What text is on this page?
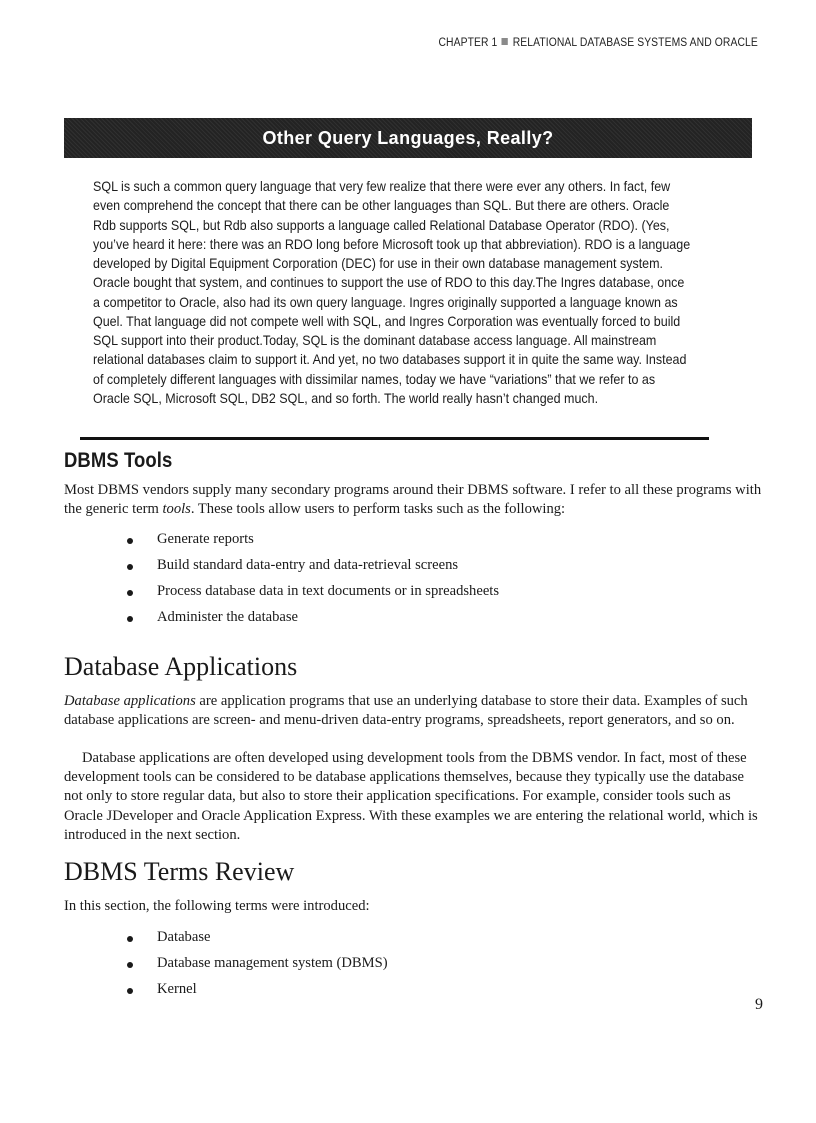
CHAPTER 1 RELATIONAL DATABASE SYSTEMS AND ORACLE
Other Query Languages, Really?
SQL is such a common query language that very few realize that there were ever any others. In fact, few even comprehend the concept that there can be other languages than SQL. But there are others. Oracle Rdb supports SQL, but Rdb also supports a language called Relational Database Operator (RDO). (Yes, you’ve heard it here: there was an RDO long before Microsoft took up that abbreviation). RDO is a language developed by Digital Equipment Corporation (DEC) for use in their own database management system. Oracle bought that system, and continues to support the use of RDO to this day.The Ingres database, once a competitor to Oracle, also had its own query language. Ingres originally supported a language known as Quel. That language did not compete well with SQL, and Ingres Corporation was eventually forced to build SQL support into their product.Today, SQL is the dominant database access language. All mainstream relational databases claim to support it. And yet, no two databases support it in quite the same way. Instead of completely different languages with dissimilar names, today we have “variations” that we refer to as Oracle SQL, Microsoft SQL, DB2 SQL, and so forth. The world really hasn’t changed much.
DBMS Tools
Most DBMS vendors supply many secondary programs around their DBMS software. I refer to all these programs with the generic term tools. These tools allow users to perform tasks such as the following:
Generate reports
Build standard data-entry and data-retrieval screens
Process database data in text documents or in spreadsheets
Administer the database
Database Applications
Database applications are application programs that use an underlying database to store their data. Examples of such database applications are screen- and menu-driven data-entry programs, spreadsheets, report generators, and so on.
Database applications are often developed using development tools from the DBMS vendor. In fact, most of these development tools can be considered to be database applications themselves, because they typically use the database not only to store regular data, but also to store their application specifications. For example, consider tools such as Oracle JDeveloper and Oracle Application Express. With these examples we are entering the relational world, which is introduced in the next section.
DBMS Terms Review
In this section, the following terms were introduced:
Database
Database management system (DBMS)
Kernel
9
